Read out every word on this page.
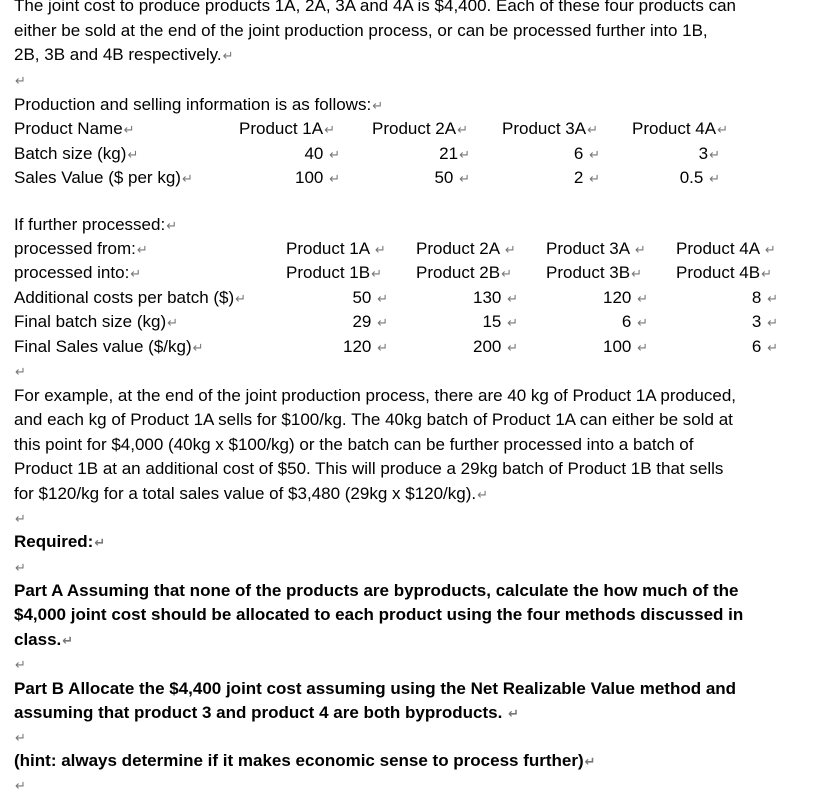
The joint cost to produce products 1A, 2A, 3A and 4A is $4,400. Each of these four products can
either be sold at the end of the joint production process, or can be processed further into 1B,
2B, 3B and 4B respectively.↵
↵
Production and selling information is as follows:↵
Product Name↵	Product 1A↵ Product 2A↵ Product 3A↵ Product 4A↵
Batch size (kg)↵	40 ↵	21↵	6 ↵	3↵
Sales Value ($ per kg)↵	100 ↵	50 ↵	2 ↵	0.5 ↵
If further processed:↵
processed from:↵	Product 1A ↵ Product 2A ↵ Product 3A ↵ Product 4A ↵
processed into:↵	Product 1B↵ Product 2B↵ Product 3B↵ Product 4B↵
Additional costs per batch ($)↵	50 ↵	130 ↵	120 ↵	8 ↵
Final batch size (kg)↵	29 ↵	15 ↵	6 ↵	3 ↵
Final Sales value ($/kg)↵	120 ↵	200 ↵	100 ↵	6 ↵
↵
For example, at the end of the joint production process, there are 40 kg of Product 1A produced,
and each kg of Product 1A sells for $100/kg. The 40kg batch of Product 1A can either be sold at
this point for $4,000 (40kg x $100/kg) or the batch can be further processed into a batch of
Product 1B at an additional cost of $50. This will produce a 29kg batch of Product 1B that sells
for $120/kg for a total sales value of $3,480 (29kg x $120/kg).↵
↵
Required:↵
↵
Part A Assuming that none of the products are byproducts, calculate the how much of the
$4,000 joint cost should be allocated to each product using the four methods discussed in
class.↵
↵
Part B Allocate the $4,400 joint cost assuming using the Net Realizable Value method and
assuming that product 3 and product 4 are both byproducts. ↵
↵
(hint: always determine if it makes economic sense to process further)↵
↵
